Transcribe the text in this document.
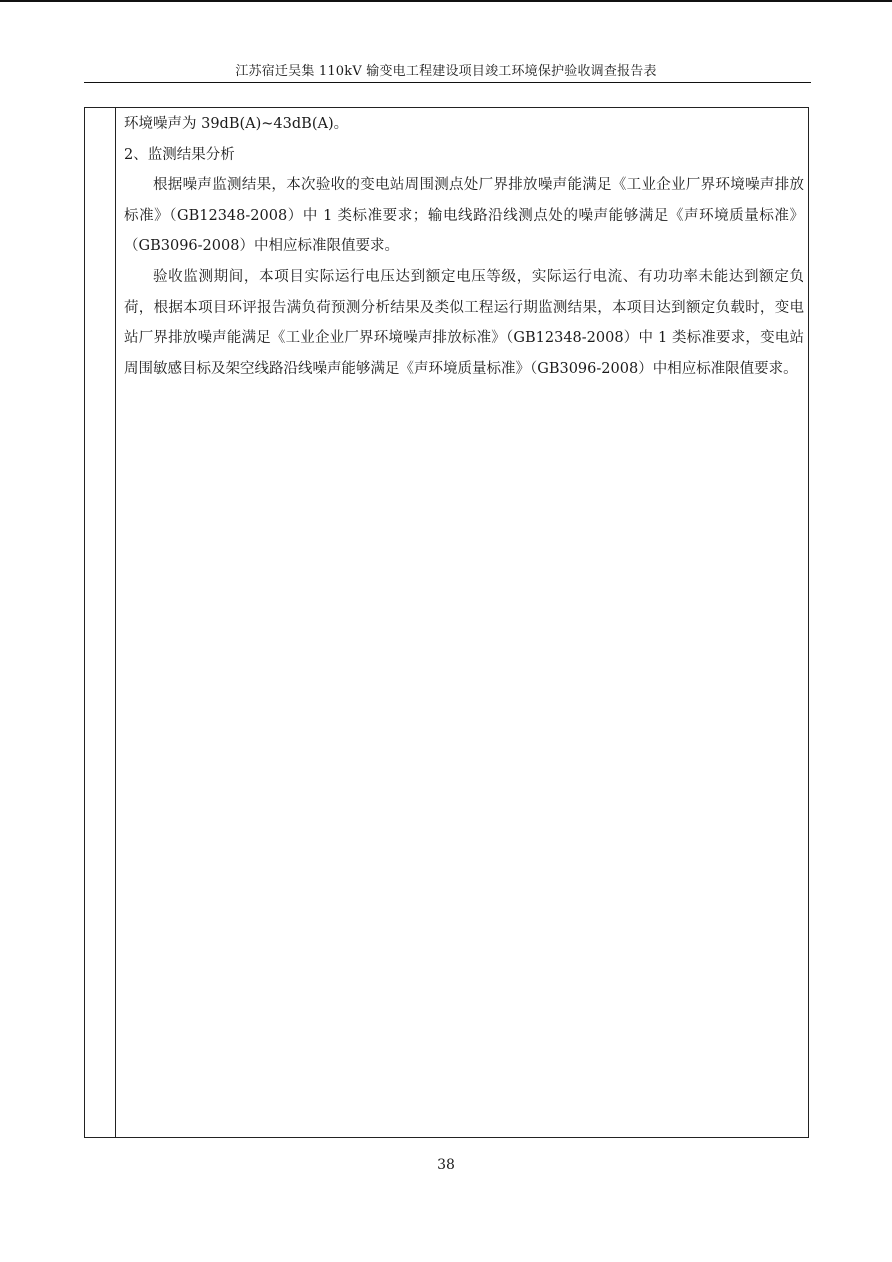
江苏宿迁吴集 110kV 输变电工程建设项目竣工环境保护验收调查报告表

环境噪声为 39dB(A)~43dB(A)。

2、监测结果分析

根据噪声监测结果，本次验收的变电站周围测点处厂界排放噪声能满足《工业企业厂界环境噪声排放标准》（GB12348-2008）中 1 类标准要求；输电线路沿线测点处的噪声能够满足《声环境质量标准》（GB3096-2008）中相应标准限值要求。

验收监测期间，本项目实际运行电压达到额定电压等级，实际运行电流、有功功率未能达到额定负荷，根据本项目环评报告满负荷预测分析结果及类似工程运行期监测结果，本项目达到额定负载时，变电站厂界排放噪声能满足《工业企业厂界环境噪声排放标准》（GB12348-2008）中 1 类标准要求，变电站周围敏感目标及架空线路沿线噪声能够满足《声环境质量标准》（GB3096-2008）中相应标准限值要求。

38
